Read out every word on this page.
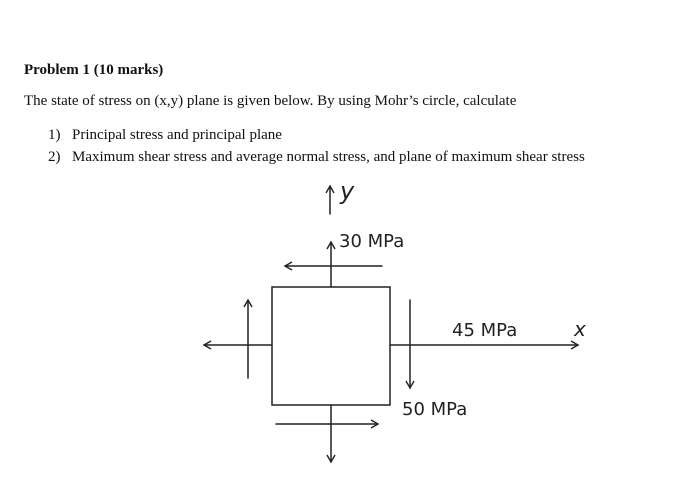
Problem 1 (10 marks)

The state of stress on (x,y) plane is given below. By using Mohr’s circle, calculate

1) Principal stress and principal plane
2) Maximum shear stress and average normal stress, and plane of maximum shear stress
y
30 MPa
45 MPa	x
50 MPa
